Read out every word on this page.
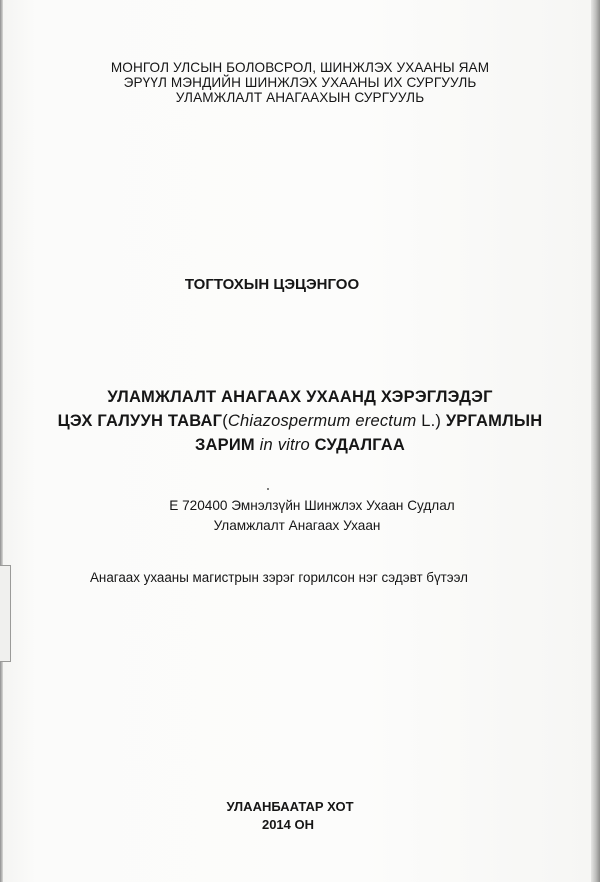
МОНГОЛ УЛСЫН БОЛОВСРОЛ, ШИНЖЛЭХ УХААНЫ ЯАМ
ЭРҮҮЛ МЭНДИЙН ШИНЖЛЭХ УХААНЫ ИХ СУРГУУЛЬ
УЛАМЖЛАЛТ АНАГААХЫН СУРГУУЛЬ
ТОГТОХЫН ЦЭЦЭНГОО
УЛАМЖЛАЛТ АНАГААХ УХААНД ХЭРЭГЛЭДЭГ
ЦЭХ ГАЛУУН ТАВАГ(Chiazospermum erectum L.) УРГАМЛЫН
ЗАРИМ in vitro СУДАЛГАА
Е 720400 Эмнэлзүйн Шинжлэх Ухаан Судлал
Уламжлалт Анагаах Ухаан
Анагаах ухааны магистрын зэрэг горилсон нэг сэдэвт бүтээл
УЛААНБААТАР ХОТ
2014 ОН
